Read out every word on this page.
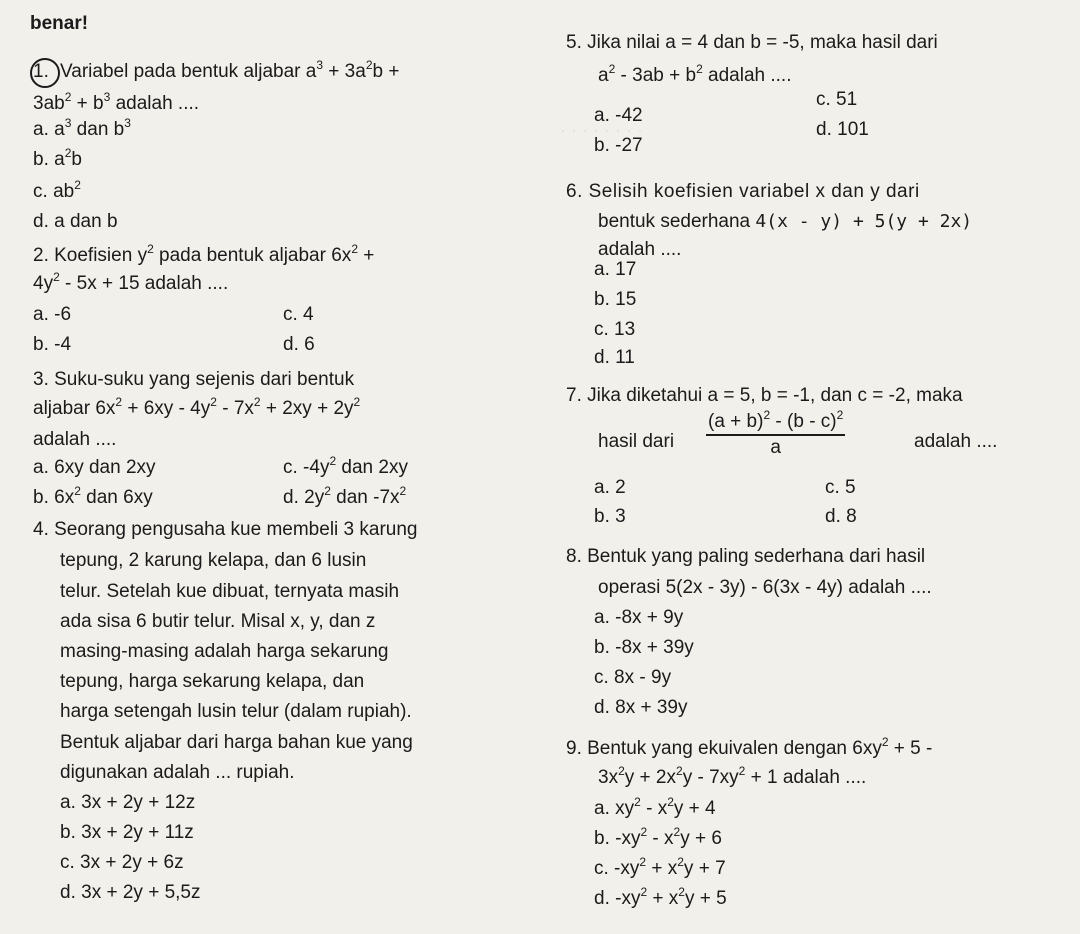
· · · · · · · ·
benar!
1. Variabel pada bentuk aljabar $a^3 + 3a^2b$ +
$3ab^2 + b^3$ adalah ....
a. $a^3$ dan $b^3$
b. $a^2b$
c. $ab^2$
d. a dan b
2. Koefisien $y^2$ pada bentuk aljabar $6x^2$ +
$4y^2 - 5x + 15$ adalah ....
a. -6	c. 4
b. -4	d. 6
3. Suku-suku yang sejenis dari bentuk
aljabar $6x^2 + 6xy - 4y^2 - 7x^2 + 2xy + 2y^2$
adalah ....
a. 6xy dan 2xy	c. $-4y^2$ dan 2xy
b. $6x^2$ dan 6xy	d. $2y^2$ dan $-7x^2$
4. Seorang pengusaha kue membeli 3 karung
tepung, 2 karung kelapa, dan 6 lusin
telur. Setelah kue dibuat, ternyata masih
ada sisa 6 butir telur. Misal x, y, dan z
masing-masing adalah harga sekarung
tepung, harga sekarung kelapa, dan
harga setengah lusin telur (dalam rupiah).
Bentuk aljabar dari harga bahan kue yang
digunakan adalah ... rupiah.
a. 3x + 2y + 12z
b. 3x + 2y + 11z
c. 3x + 2y + 6z
d. 3x + 2y + 5,5z
5. Jika nilai a = 4 dan b = -5, maka hasil dari
$a^2 - 3ab + b^2$ adalah ....
a. -42
c. 51
b. -27
d. 101
6. Selisih koefisien variabel x dan y dari
bentuk sederhana 4(x - y) + 5(y + 2x)
adalah ....
a. 17
b. 15
c. 13
d. 11
7. Jika diketahui a = 5, b = -1, dan c = -2, maka
hasil dari $\frac{(a + b)^2 - (b - c)^2}{a}$	adalah ....
a. 2
b. 3
c. 5
d. 8
8. Bentuk yang paling sederhana dari hasil
operasi 5(2x - 3y) - 6(3x - 4y) adalah ....
a. -8x + 9y
b. -8x + 39y
c. 8x - 9y
d. 8x + 39y
9. Bentuk yang ekuivalen dengan $6xy^2 + 5$ -
$3x^2y + 2x^2y - 7xy^2 + 1$ adalah ....
a. $xy^2 - x^2y + 4$
b. $-xy^2 - x^2y + 6$
c. $-xy^2 + x^2y + 7$
d. $-xy^2 + x^2y + 5$
